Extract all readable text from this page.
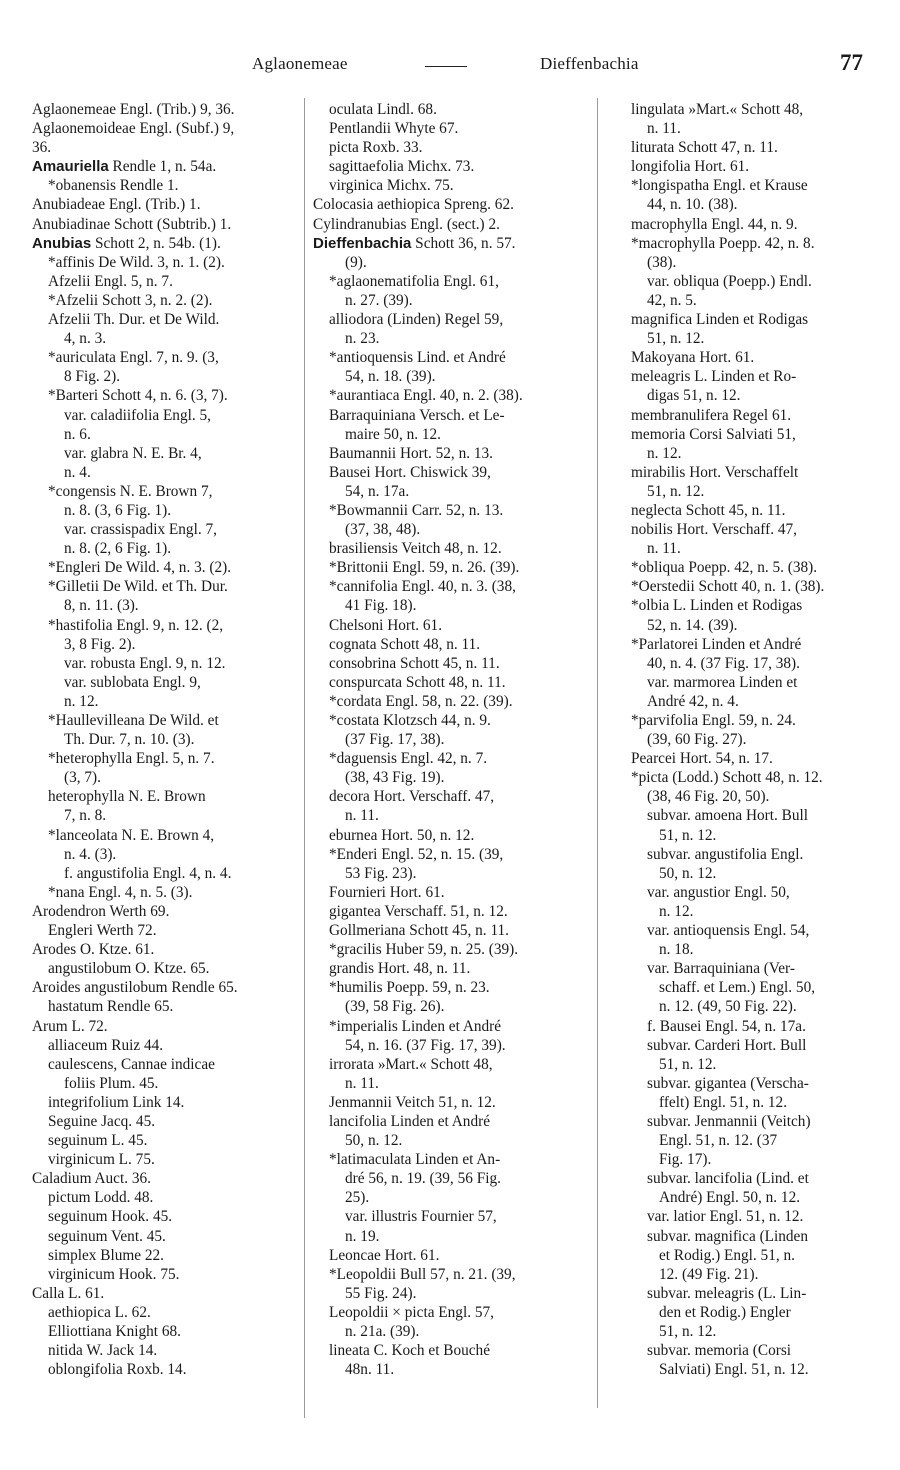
Aglaonemeae	Dieffenbachia	77
Aglaonemeae Engl. (Trib.) 9, 36.
Aglaonemoideae Engl. (Subf.) 9,
36.
Amauriella Rendle 1, n. 54a.
*obanensis Rendle 1.
Anubiadeae Engl. (Trib.) 1.
Anubiadinae Schott (Subtrib.) 1.
Anubias Schott 2, n. 54b. (1).
*affinis De Wild. 3, n. 1. (2).
Afzelii Engl. 5, n. 7.
*Afzelii Schott 3, n. 2. (2).
Afzelii Th. Dur. et De Wild.
4, n. 3.
*auriculata Engl. 7, n. 9. (3,
8 Fig. 2).
*Barteri Schott 4, n. 6. (3, 7).
var. caladiifolia Engl. 5,
n. 6.
var. glabra N. E. Br. 4,
n. 4.
*congensis N. E. Brown 7,
n. 8. (3, 6 Fig. 1).
var. crassispadix Engl. 7,
n. 8. (2, 6 Fig. 1).
*Engleri De Wild. 4, n. 3. (2).
*Gilletii De Wild. et Th. Dur.
8, n. 11. (3).
*hastifolia Engl. 9, n. 12. (2,
3, 8 Fig. 2).
var. robusta Engl. 9, n. 12.
var. sublobata Engl. 9,
n. 12.
*Haullevilleana De Wild. et
Th. Dur. 7, n. 10. (3).
*heterophylla Engl. 5, n. 7.
(3, 7).
heterophylla N. E. Brown
7, n. 8.
*lanceolata N. E. Brown 4,
n. 4. (3).
f. angustifolia Engl. 4, n. 4.
*nana Engl. 4, n. 5. (3).
Arodendron Werth 69.
Engleri Werth 72.
Arodes O. Ktze. 61.
angustilobum O. Ktze. 65.
Aroides angustilobum Rendle 65.
hastatum Rendle 65.
Arum L. 72.
alliaceum Ruiz 44.
caulescens, Cannae indicae
foliis Plum. 45.
integrifolium Link 14.
Seguine Jacq. 45.
seguinum L. 45.
virginicum L. 75.
Caladium Auct. 36.
pictum Lodd. 48.
seguinum Hook. 45.
seguinum Vent. 45.
simplex Blume 22.
virginicum Hook. 75.
Calla L. 61.
aethiopica L. 62.
Elliottiana Knight 68.
nitida W. Jack 14.
oblongifolia Roxb. 14.
oculata Lindl. 68.
Pentlandii Whyte 67.
picta Roxb. 33.
sagittaefolia Michx. 73.
virginica Michx. 75.
Colocasia aethiopica Spreng. 62.
Cylindranubias Engl. (sect.) 2.
Dieffenbachia Schott 36, n. 57.
(9).
*aglaonematifolia Engl. 61,
n. 27. (39).
alliodora (Linden) Regel 59,
n. 23.
*antioquensis Lind. et André
54, n. 18. (39).
*aurantiaca Engl. 40, n. 2. (38).
Barraquiniana Versch. et Le-
maire 50, n. 12.
Baumannii Hort. 52, n. 13.
Bausei Hort. Chiswick 39,
54, n. 17a.
*Bowmannii Carr. 52, n. 13.
(37, 38, 48).
brasiliensis Veitch 48, n. 12.
*Brittonii Engl. 59, n. 26. (39).
*cannifolia Engl. 40, n. 3. (38,
41 Fig. 18).
Chelsoni Hort. 61.
cognata Schott 48, n. 11.
consobrina Schott 45, n. 11.
conspurcata Schott 48, n. 11.
*cordata Engl. 58, n. 22. (39).
*costata Klotzsch 44, n. 9.
(37 Fig. 17, 38).
*daguensis Engl. 42, n. 7.
(38, 43 Fig. 19).
decora Hort. Verschaff. 47,
n. 11.
eburnea Hort. 50, n. 12.
*Enderi Engl. 52, n. 15. (39,
53 Fig. 23).
Fournieri Hort. 61.
gigantea Verschaff. 51, n. 12.
Gollmeriana Schott 45, n. 11.
*gracilis Huber 59, n. 25. (39).
grandis Hort. 48, n. 11.
*humilis Poepp. 59, n. 23.
(39, 58 Fig. 26).
*imperialis Linden et André
54, n. 16. (37 Fig. 17, 39).
irrorata »Mart.« Schott 48,
n. 11.
Jenmannii Veitch 51, n. 12.
lancifolia Linden et André
50, n. 12.
*latimaculata Linden et An-
dré 56, n. 19. (39, 56 Fig.
25).
var. illustris Fournier 57,
n. 19.
Leoncae Hort. 61.
*Leopoldii Bull 57, n. 21. (39,
55 Fig. 24).
Leopoldii × picta Engl. 57,
n. 21a. (39).
lineata C. Koch et Bouché
48n. 11.
lingulata »Mart.« Schott 48,
n. 11.
liturata Schott 47, n. 11.
longifolia Hort. 61.
*longispatha Engl. et Krause
44, n. 10. (38).
macrophylla Engl. 44, n. 9.
*macrophylla Poepp. 42, n. 8.
(38).
var. obliqua (Poepp.) Endl.
42, n. 5.
magnifica Linden et Rodigas
51, n. 12.
Makoyana Hort. 61.
meleagris L. Linden et Ro-
digas 51, n. 12.
membranulifera Regel 61.
memoria Corsi Salviati 51,
n. 12.
mirabilis Hort. Verschaffelt
51, n. 12.
neglecta Schott 45, n. 11.
nobilis Hort. Verschaff. 47,
n. 11.
*obliqua Poepp. 42, n. 5. (38).
*Oerstedii Schott 40, n. 1. (38).
*olbia L. Linden et Rodigas
52, n. 14. (39).
*Parlatorei Linden et André
40, n. 4. (37 Fig. 17, 38).
var. marmorea Linden et
André 42, n. 4.
*parvifolia Engl. 59, n. 24.
(39, 60 Fig. 27).
Pearcei Hort. 54, n. 17.
*picta (Lodd.) Schott 48, n. 12.
(38, 46 Fig. 20, 50).
subvar. amoena Hort. Bull
51, n. 12.
subvar. angustifolia Engl.
50, n. 12.
var. angustior Engl. 50,
n. 12.
var. antioquensis Engl. 54,
n. 18.
var. Barraquiniana (Ver-
schaff. et Lem.) Engl. 50,
n. 12. (49, 50 Fig. 22).
f. Bausei Engl. 54, n. 17a.
subvar. Carderi Hort. Bull
51, n. 12.
subvar. gigantea (Verscha-
ffelt) Engl. 51, n. 12.
subvar. Jenmannii (Veitch)
Engl. 51, n. 12. (37
Fig. 17).
subvar. lancifolia (Lind. et
André) Engl. 50, n. 12.
var. latior Engl. 51, n. 12.
subvar. magnifica (Linden
et Rodig.) Engl. 51, n.
12. (49 Fig. 21).
subvar. meleagris (L. Lin-
den et Rodig.) Engler
51, n. 12.
subvar. memoria (Corsi
Salviati) Engl. 51, n. 12.
